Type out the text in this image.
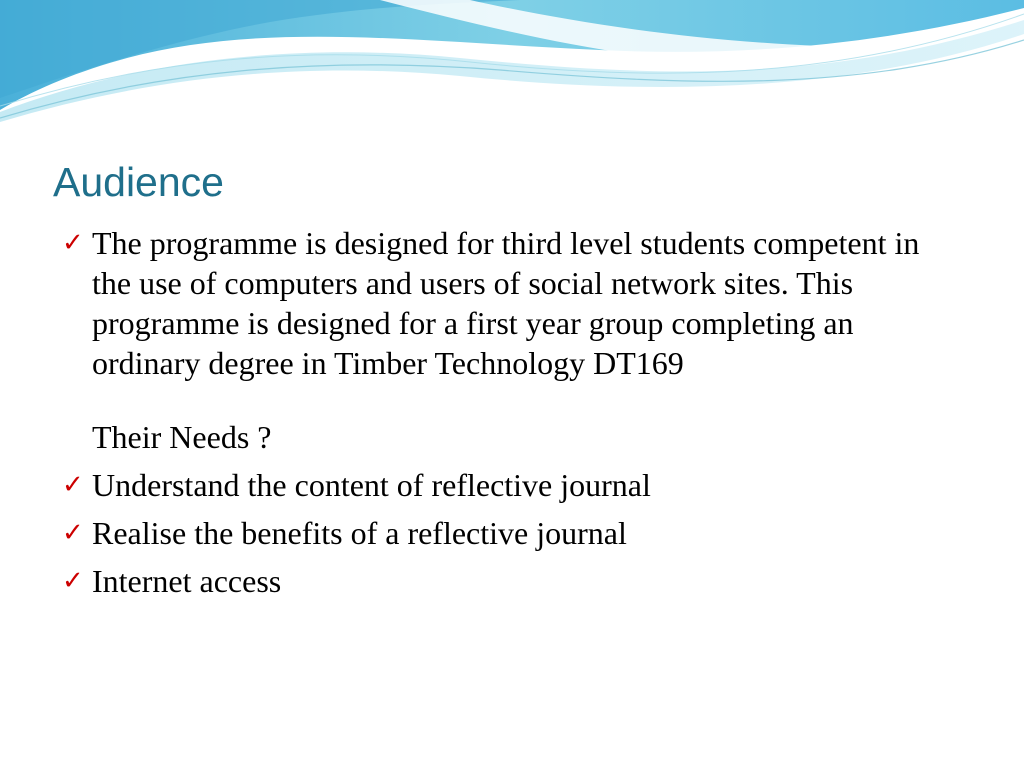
Audience
✓ The programme is designed for third level students competent in the use of computers and users of social network sites. This programme is designed for a first year group completing an ordinary degree in Timber Technology DT169
Their Needs ?
✓ Understand the content of reflective journal
✓ Realise the benefits of a reflective journal
✓ Internet access
